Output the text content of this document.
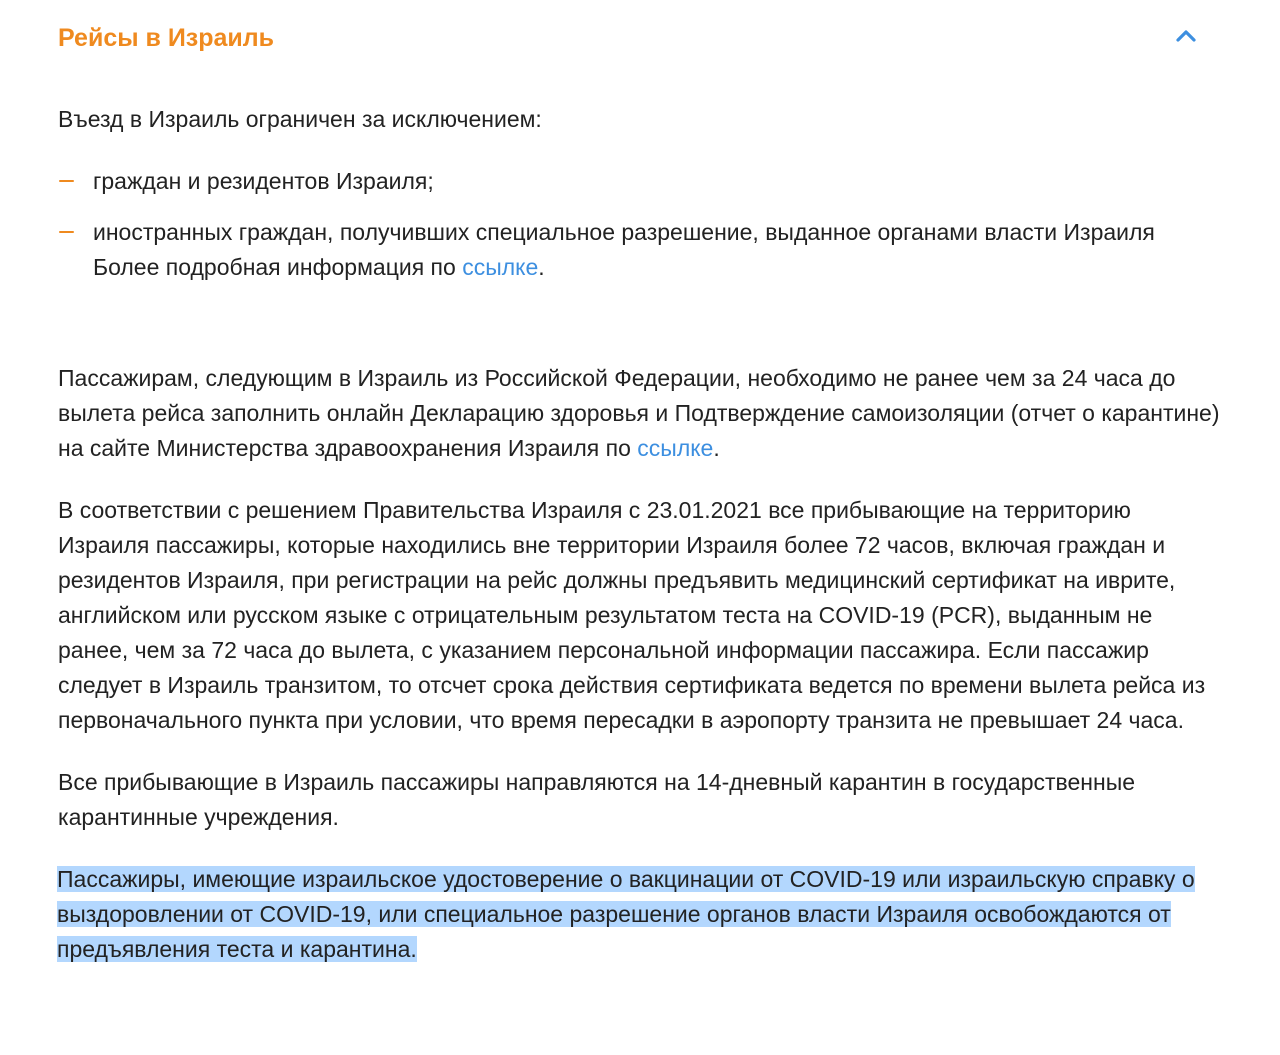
Рейсы в Израиль

Въезд в Израиль ограничен за исключением:

граждан и резидентов Израиля;
иностранных граждан, получивших специальное разрешение, выданное органами власти Израиля
Более подробная информация по ссылке.

Пассажирам, следующим в Израиль из Российской Федерации, необходимо не ранее чем за 24 часа до вылета рейса заполнить онлайн Декларацию здоровья и Подтверждение самоизоляции (отчет о карантине) на сайте Министерства здравоохранения Израиля по ссылке.

В соответствии с решением Правительства Израиля с 23.01.2021 все прибывающие на территорию Израиля пассажиры, которые находились вне территории Израиля более 72 часов, включая граждан и резидентов Израиля, при регистрации на рейс должны предъявить медицинский сертификат на иврите, английском или русском языке с отрицательным результатом теста на COVID-19 (PCR), выданным не ранее, чем за 72 часа до вылета, с указанием персональной информации пассажира. Если пассажир следует в Израиль транзитом, то отсчет срока действия сертификата ведется по времени вылета рейса из первоначального пункта при условии, что время пересадки в аэропорту транзита не превышает 24 часа.

Все прибывающие в Израиль пассажиры направляются на 14-дневный карантин в государственные карантинные учреждения.

Пассажиры, имеющие израильское удостоверение о вакцинации от COVID-19 или израильскую справку о выздоровлении от COVID-19, или специальное разрешение органов власти Израиля освобождаются от предъявления теста и карантина.
